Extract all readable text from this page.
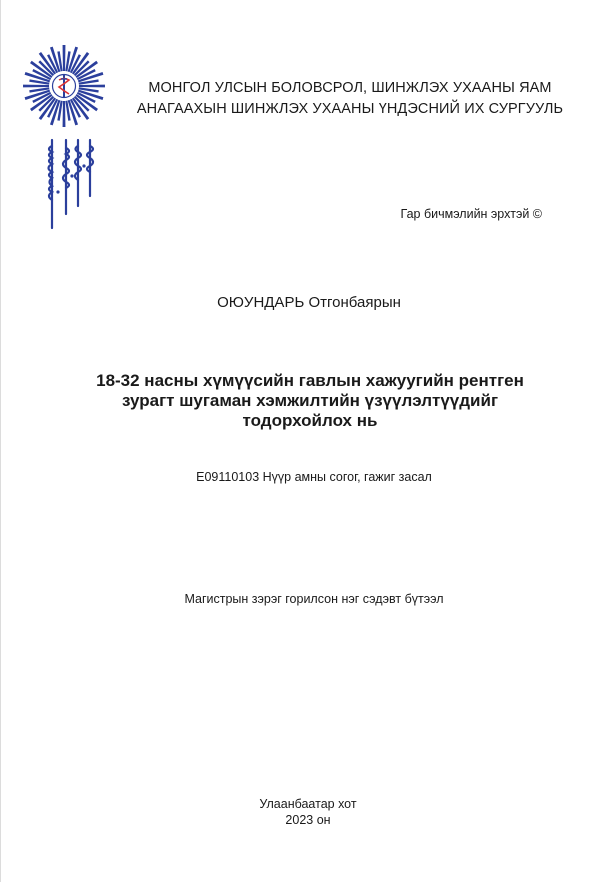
МОНГОЛ УЛСЫН БОЛОВСРОЛ, ШИНЖЛЭХ УХААНЫ ЯАМ
АНАГААХЫН ШИНЖЛЭХ УХААНЫ ҮНДЭСНИЙ ИХ СУРГУУЛЬ
Гар бичмэлийн эрхтэй ©
ОЮУНДАРЬ Отгонбаярын
18-32 насны хүмүүсийн гавлын хажуугийн рентген
зурагт шугаман хэмжилтийн үзүүлэлтүүдийг
тодорхойлох нь
E09110103 Нүүр амны согог, гажиг засал
Магистрын зэрэг горилсон нэг сэдэвт бүтээл
Улаанбаатар хот
2023 он
